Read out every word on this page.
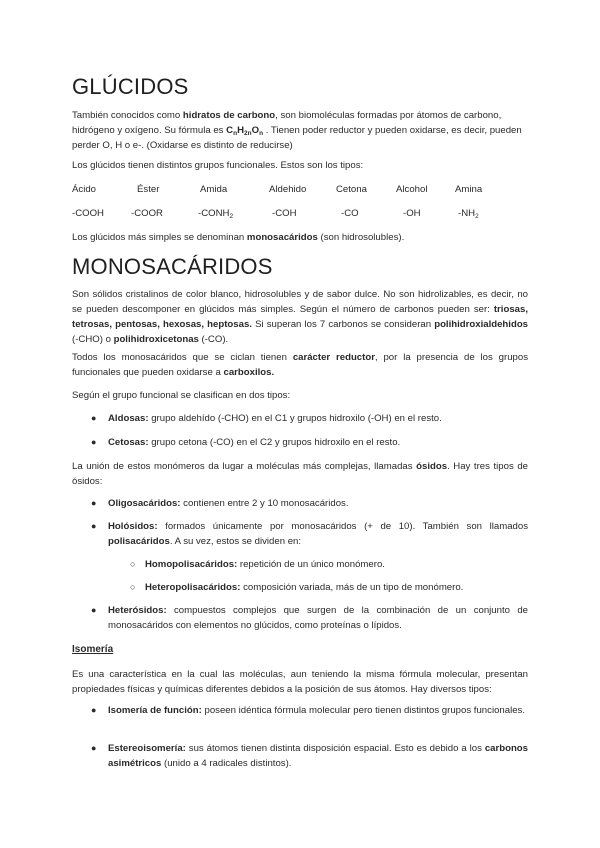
GLÚCIDOS

También conocidos como hidratos de carbono, son biomoléculas formadas por átomos de carbono, hidrógeno y oxígeno. Su fórmula es $C_nH_{2n}O_n$ . Tienen poder reductor y pueden oxidarse, es decir, pueden perder O, H o e-. (Oxidarse es distinto de reducirse)

Los glúcidos tienen distintos grupos funcionales. Estos son los tipos:

Ácido	Éster	Amida	Aldehido	Cetona	Alcohol	Amina
-COOH	-COOR	$-CONH_2$	-COH	-CO	-OH	$-NH_2$

Los glúcidos más simples se denominan monosacáridos (son hidrosolubles).

MONOSACÁRIDOS

Son sólidos cristalinos de color blanco, hidrosolubles y de sabor dulce. No son hidrolizables, es decir, no se pueden descomponer en glúcidos más simples. Según el número de carbonos pueden ser: triosas, tetrosas, pentosas, hexosas, heptosas. Si superan los 7 carbonos se consideran polihidroxialdehidos (-CHO) o polihidroxicetonas (-CO).

Todos los monosacáridos que se ciclan tienen carácter reductor, por la presencia de los grupos funcionales que pueden oxidarse a carboxilos.

Según el grupo funcional se clasifican en dos tipos:

● Aldosas: grupo aldehído (-CHO) en el C1 y grupos hidroxilo (-OH) en el resto.

● Cetosas: grupo cetona (-CO) en el C2 y grupos hidroxilo en el resto.

La unión de estos monómeros da lugar a moléculas más complejas, llamadas ósidos. Hay tres tipos de ósidos:

● Oligosacáridos: contienen entre 2 y 10 monosacáridos.

● Holósidos: formados únicamente por monosacáridos (+ de 10). También son llamados polisacáridos. A su vez, estos se dividen en:

○ Homopolisacáridos: repetición de un único monómero.

○ Heteropolisacáridos: composición variada, más de un tipo de monómero.

● Heterósidos: compuestos complejos que surgen de la combinación de un conjunto de monosacáridos con elementos no glúcidos, como proteínas o lípidos.

Isomería

Es una característica en la cual las moléculas, aun teniendo la misma fórmula molecular, presentan propiedades físicas y químicas diferentes debidos a la posición de sus átomos. Hay diversos tipos:

● Isomería de función: poseen idéntica fórmula molecular pero tienen distintos grupos funcionales.

● Estereoisomería: sus átomos tienen distinta disposición espacial. Esto es debido a los carbonos asimétricos (unido a 4 radicales distintos).
